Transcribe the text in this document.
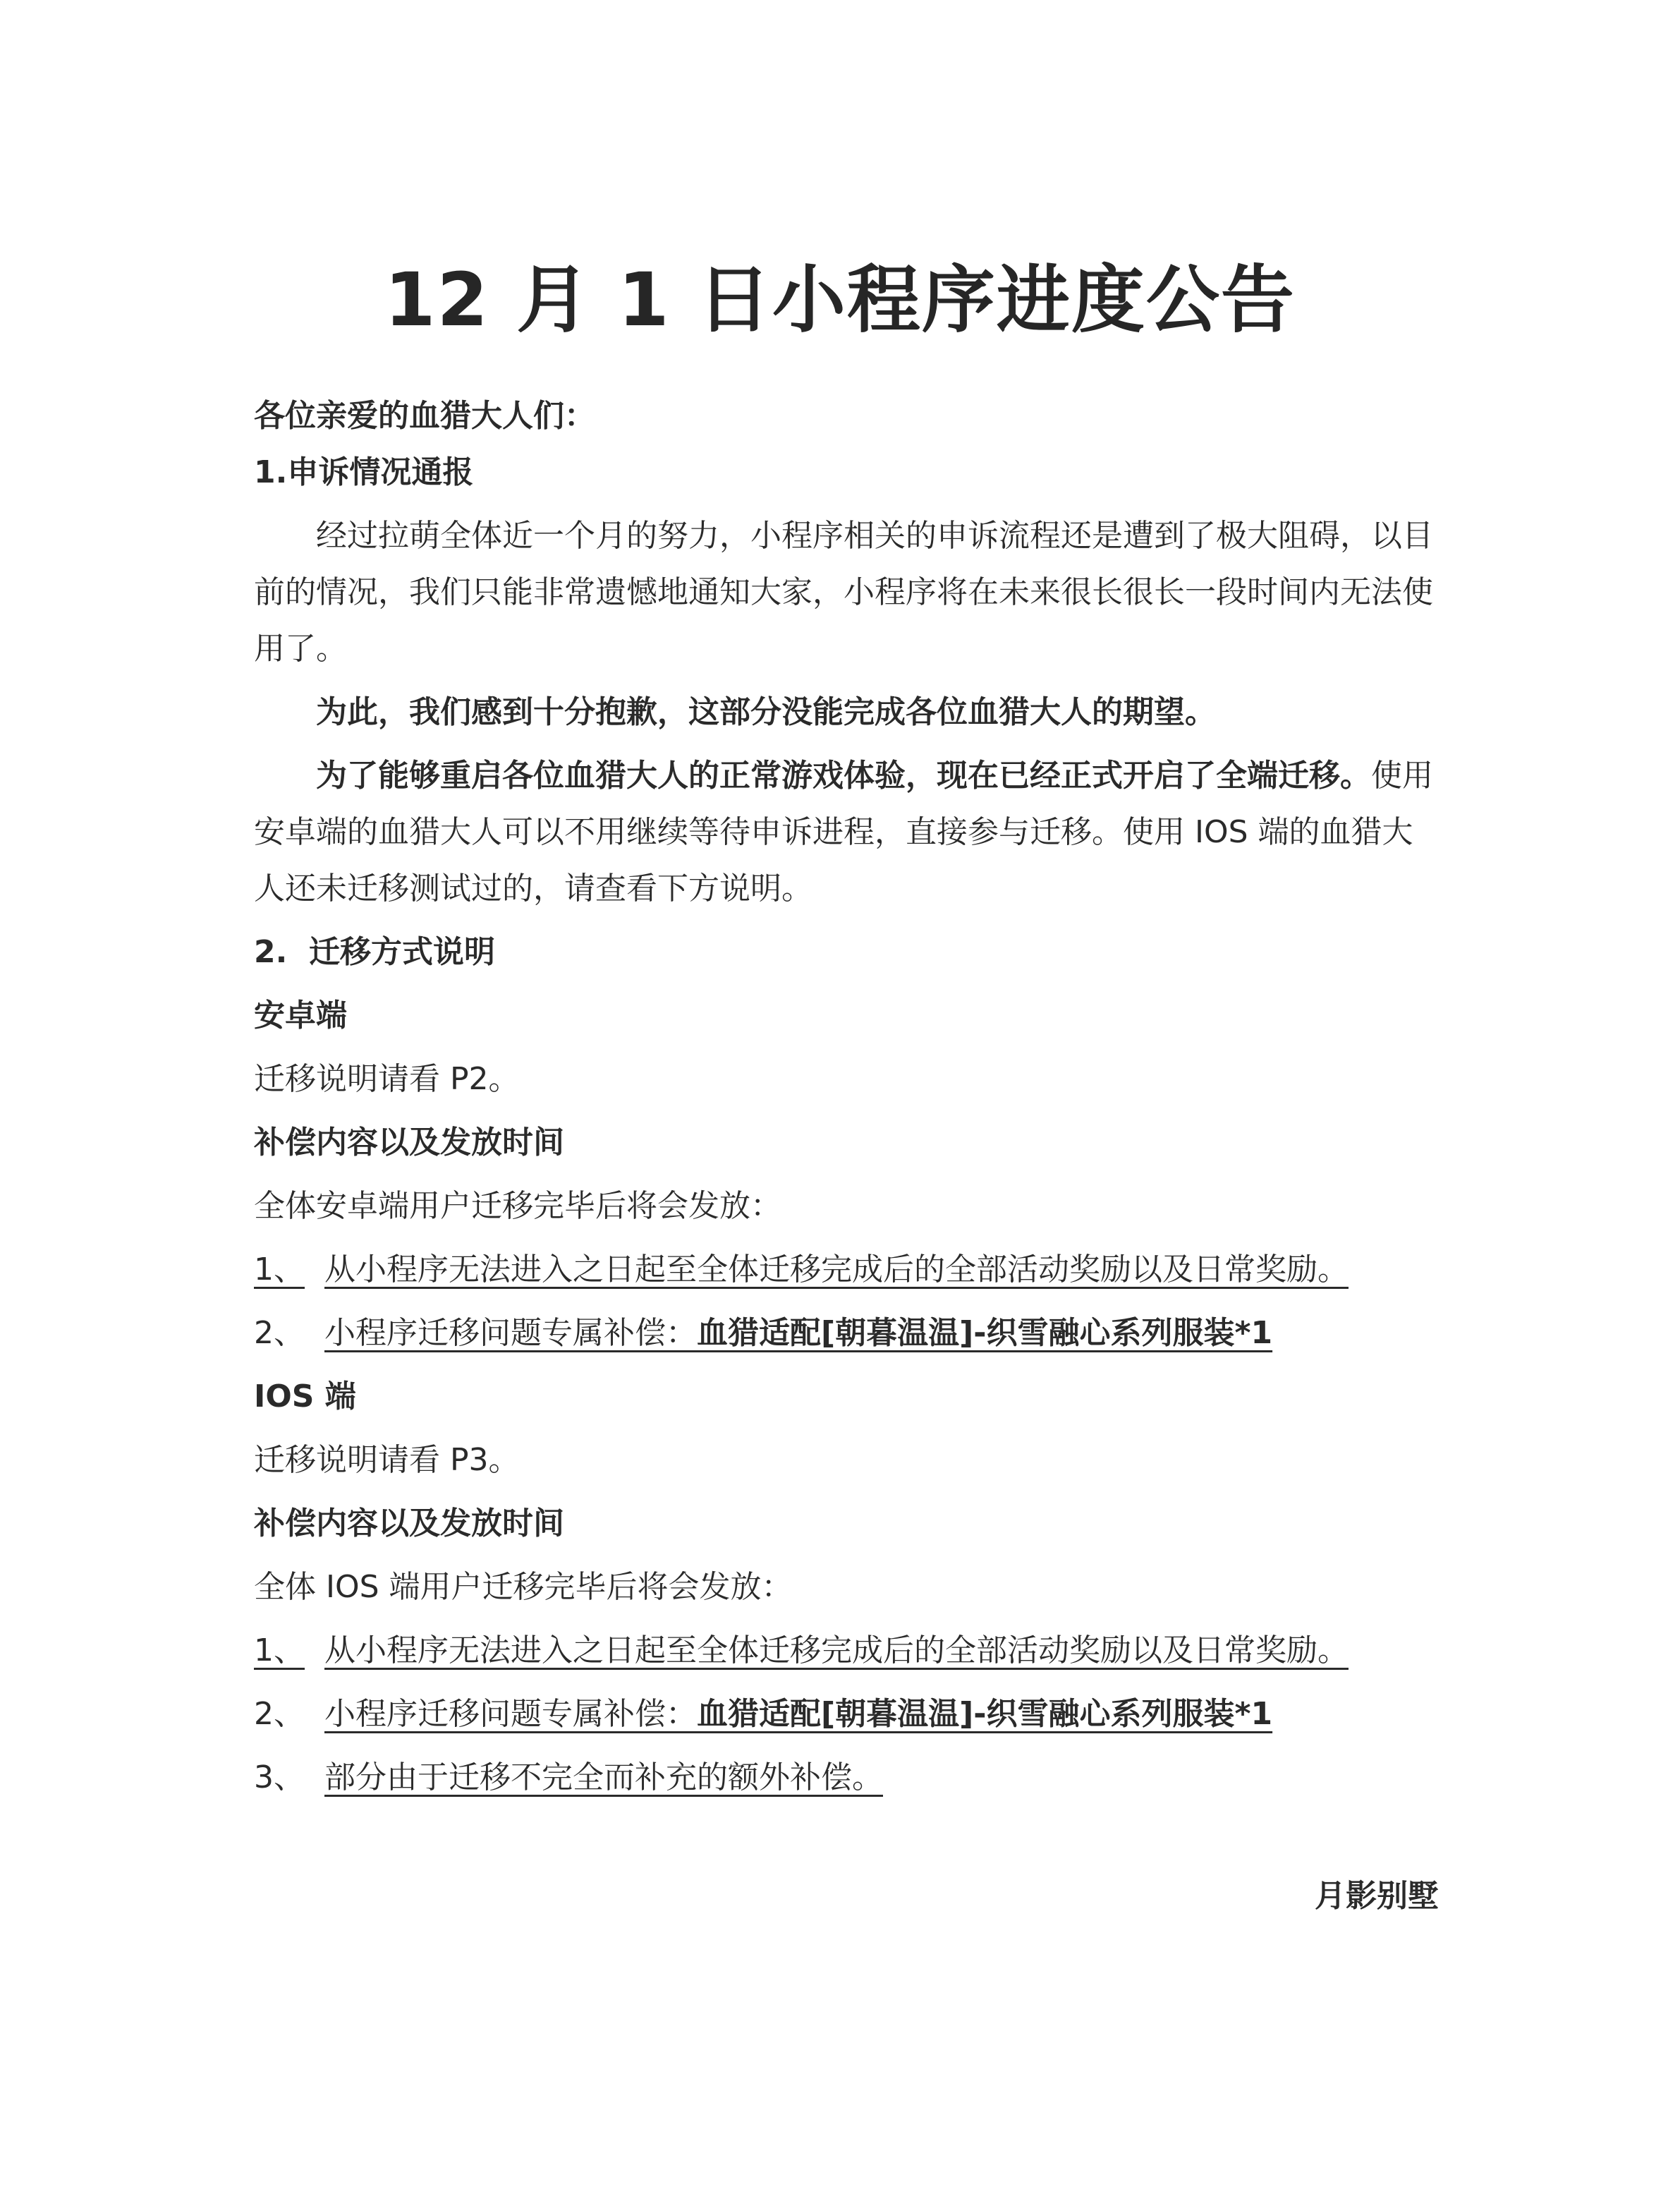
12 月 1 日小程序进度公告

各位亲爱的血猎大人们：

1.申诉情况通报

经过拉萌全体近一个月的努力，小程序相关的申诉流程还是遭到了极大阻碍，以目前的情况，我们只能非常遗憾地通知大家，小程序将在未来很长很长一段时间内无法使用了。

为此，我们感到十分抱歉，这部分没能完成各位血猎大人的期望。

为了能够重启各位血猎大人的正常游戏体验，现在已经正式开启了全端迁移。使用安卓端的血猎大人可以不用继续等待申诉进程，直接参与迁移。使用 IOS 端的血猎大人还未迁移测试过的，请查看下方说明。

2.  迁移方式说明

安卓端

迁移说明请看 P2。

补偿内容以及发放时间

全体安卓端用户迁移完毕后将会发放：

1、 从小程序无法进入之日起至全体迁移完成后的全部活动奖励以及日常奖励。

2、 小程序迁移问题专属补偿：血猎适配[朝暮温温]-织雪融心系列服装*1

IOS 端

迁移说明请看 P3。

补偿内容以及发放时间

全体 IOS 端用户迁移完毕后将会发放：

1、 从小程序无法进入之日起至全体迁移完成后的全部活动奖励以及日常奖励。

2、 小程序迁移问题专属补偿：血猎适配[朝暮温温]-织雪融心系列服装*1

3、 部分由于迁移不完全而补充的额外补偿。

月影别墅
